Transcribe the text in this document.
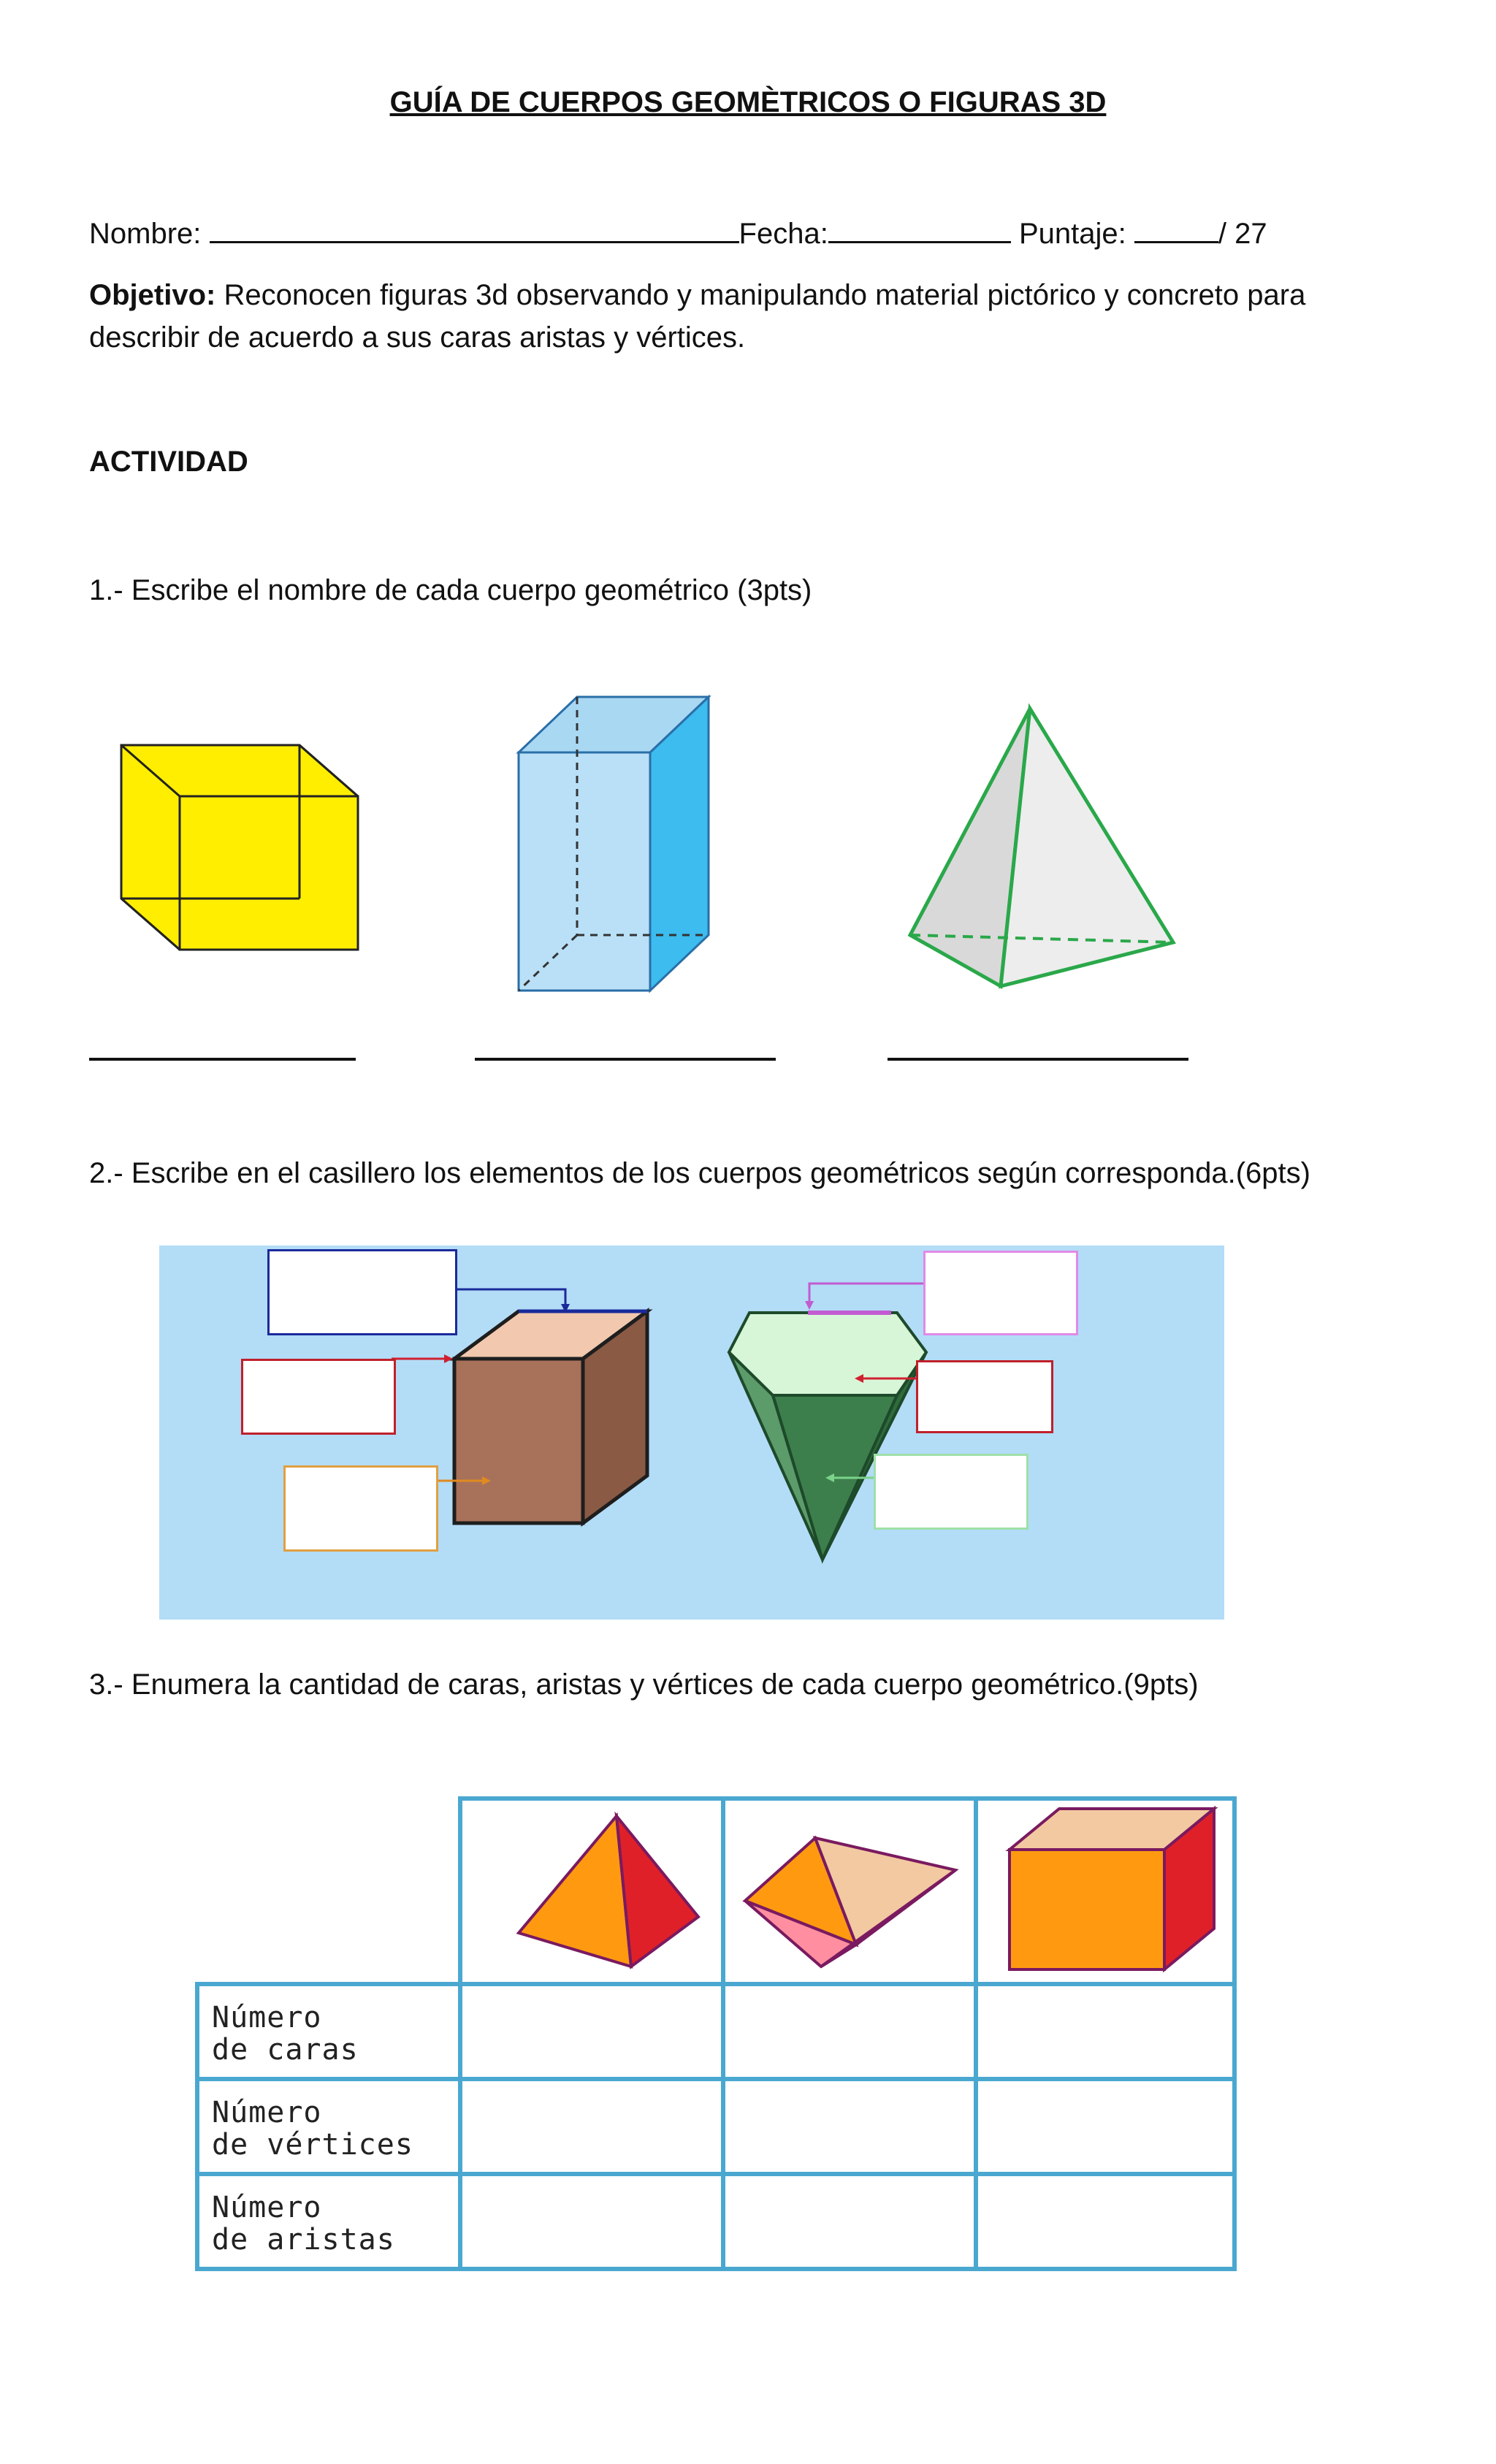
GUÍA DE CUERPOS GEOMÈTRICOS O FIGURAS 3D
Nombre:	Fecha:	Puntaje:	/ 27
Objetivo: Reconocen figuras 3d observando y manipulando material pictórico y concreto para describir de acuerdo a sus caras aristas y vértices.
ACTIVIDAD
1.- Escribe el nombre de cada cuerpo geométrico (3pts)
2.- Escribe en el casillero los elementos de los cuerpos geométricos según corresponda.(6pts)
3.- Enumera la cantidad de caras, aristas y vértices de cada cuerpo geométrico.(9pts)
Número
de caras
Número
de vértices
Número
de aristas
